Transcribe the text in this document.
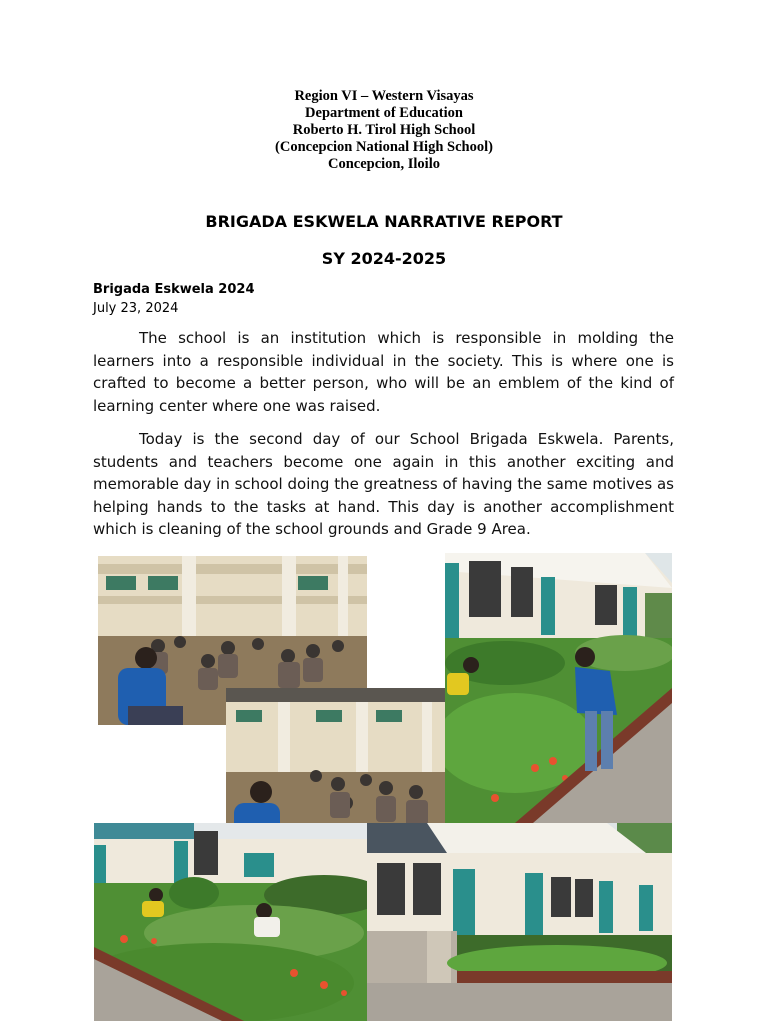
Region VI – Western Visayas
Department of Education
Roberto H. Tirol High School
(Concepcion National High School)
Concepcion, Iloilo
BRIGADA ESKWELA NARRATIVE REPORT
SY 2024-2025
Brigada Eskwela 2024
July 23, 2024

The school is an institution which is responsible in molding the learners into a responsible individual in the society. This is where one is crafted to become a better person, who will be an emblem of the kind of learning center where one was raised.

Today is the second day of our School Brigada Eskwela. Parents, students and teachers become one again in this another exciting and memorable day in school doing the greatness of having the same motives as helping hands to the tasks at hand. This day is another accomplishment which is cleaning of the school grounds and Grade 9 Area.
